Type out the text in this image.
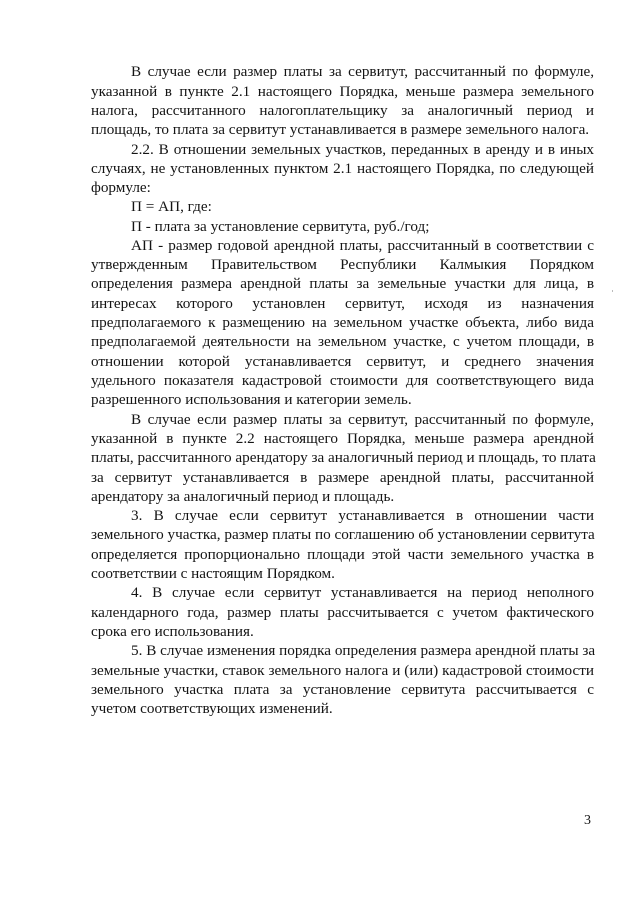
В случае если размер платы за сервитут, рассчитанный по формуле,
указанной в пункте 2.1 настоящего Порядка, меньше размера земельного
налога, рассчитанного налогоплательщику за аналогичный период и
площадь, то плата за сервитут устанавливается в размере земельного налога.
2.2. В отношении земельных участков, переданных в аренду и в иных
случаях, не установленных пунктом 2.1 настоящего Порядка, по следующей
формуле:
П = АП, где:
П - плата за установление сервитута, руб./год;
АП - размер годовой арендной платы, рассчитанный в соответствии с
утвержденным Правительством Республики Калмыкия Порядком
определения размера арендной платы за земельные участки для лица, в
интересах которого установлен сервитут, исходя из назначения
предполагаемого к размещению на земельном участке объекта, либо вида
предполагаемой деятельности на земельном участке, с учетом площади, в
отношении которой устанавливается сервитут, и среднего значения
удельного показателя кадастровой стоимости для соответствующего вида
разрешенного использования и категории земель.
В случае если размер платы за сервитут, рассчитанный по формуле,
указанной в пункте 2.2 настоящего Порядка, меньше размера арендной
платы, рассчитанного арендатору за аналогичный период и площадь, то плата
за сервитут устанавливается в размере арендной платы, рассчитанной
арендатору за аналогичный период и площадь.
3. В случае если сервитут устанавливается в отношении части
земельного участка, размер платы по соглашению об установлении сервитута
определяется пропорционально площади этой части земельного участка в
соответствии с настоящим Порядком.
4. В случае если сервитут устанавливается на период неполного
календарного года, размер платы рассчитывается с учетом фактического
срока его использования.
5. В случае изменения порядка определения размера арендной платы за
земельные участки, ставок земельного налога и (или) кадастровой стоимости
земельного участка плата за установление сервитута рассчитывается с
учетом соответствующих изменений.
3
